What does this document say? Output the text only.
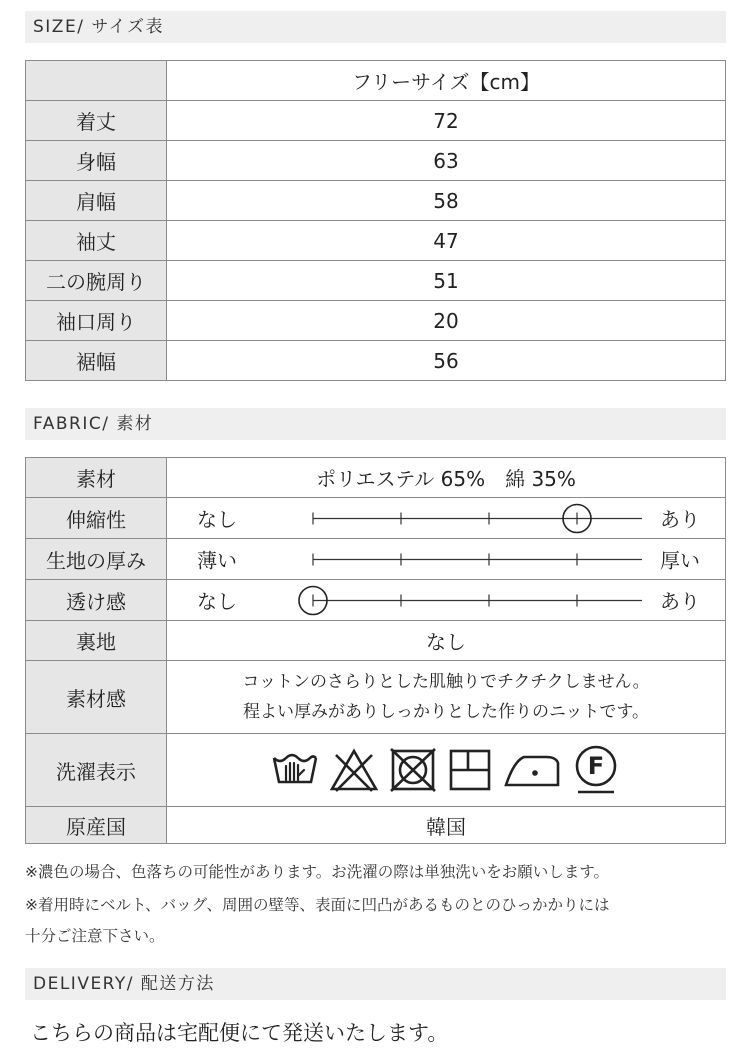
SIZE/ サイズ表
	フリーサイズ【cm】
着丈	72
身幅	63
肩幅	58
袖丈	47
二の腕周り	51
袖口周り	20
裾幅	56
FABRIC/ 素材
素材	ポリエステル 65%　綿 35%
伸縮性	なし あり

生地の厚み	薄い 厚い

透け感	なし あり

裏地	なし
素材感	コットンのさらりとした肌触りでチクチクしません。
程よい厚みがありしっかりとした作りのニットです。

洗濯表示	F

原産国	韓国
※濃色の場合、色落ちの可能性があります。お洗濯の際は単独洗いをお願いします。
※着用時にベルト、バッグ、周囲の壁等、表面に凹凸があるものとのひっかかりには
十分ご注意下さい。
DELIVERY/ 配送方法
こちらの商品は宅配便にて発送いたします。
